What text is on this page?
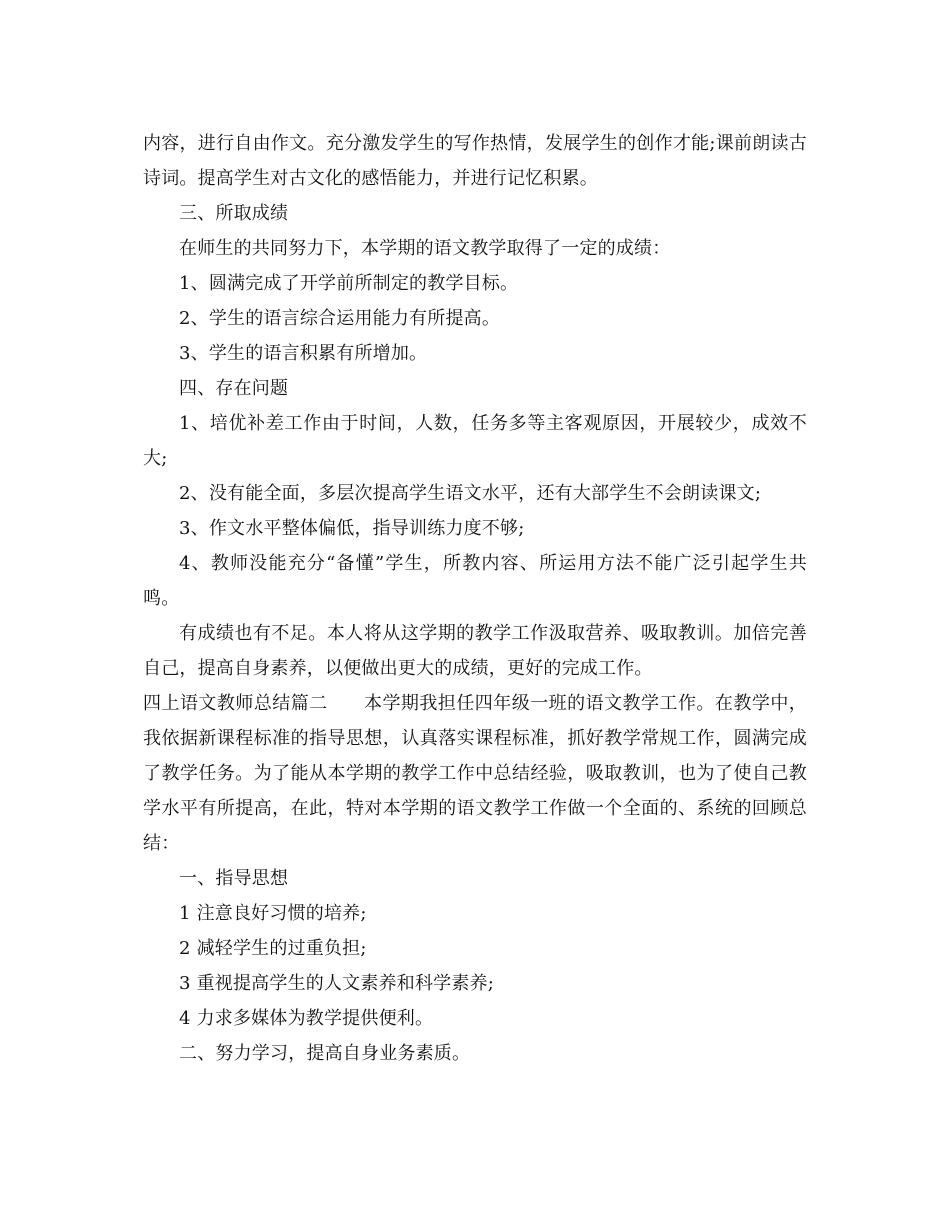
内容，进行自由作文。充分激发学生的写作热情，发展学生的创作才能;课前朗读古诗词。提高学生对古文化的感悟能力，并进行记忆积累。

三、所取成绩

在师生的共同努力下，本学期的语文教学取得了一定的成绩：

1、圆满完成了开学前所制定的教学目标。

2、学生的语言综合运用能力有所提高。

3、学生的语言积累有所增加。

四、存在问题

1、培优补差工作由于时间，人数，任务多等主客观原因，开展较少，成效不大;

2、没有能全面，多层次提高学生语文水平，还有大部学生不会朗读课文;

3、作文水平整体偏低，指导训练力度不够;

4、教师没能充分“备懂”学生，所教内容、所运用方法不能广泛引起学生共鸣。

有成绩也有不足。本人将从这学期的教学工作汲取营养、吸取教训。加倍完善自己，提高自身素养，以便做出更大的成绩，更好的完成工作。

四上语文教师总结篇二 本学期我担任四年级一班的语文教学工作。在教学中，我依据新课程标准的指导思想，认真落实课程标准，抓好教学常规工作，圆满完成了教学任务。为了能从本学期的教学工作中总结经验，吸取教训，也为了使自己教学水平有所提高，在此，特对本学期的语文教学工作做一个全面的、系统的回顾总结：

一、指导思想

1 注意良好习惯的培养;

2 减轻学生的过重负担;

3 重视提高学生的人文素养和科学素养;

4 力求多媒体为教学提供便利。

二、努力学习，提高自身业务素质。
